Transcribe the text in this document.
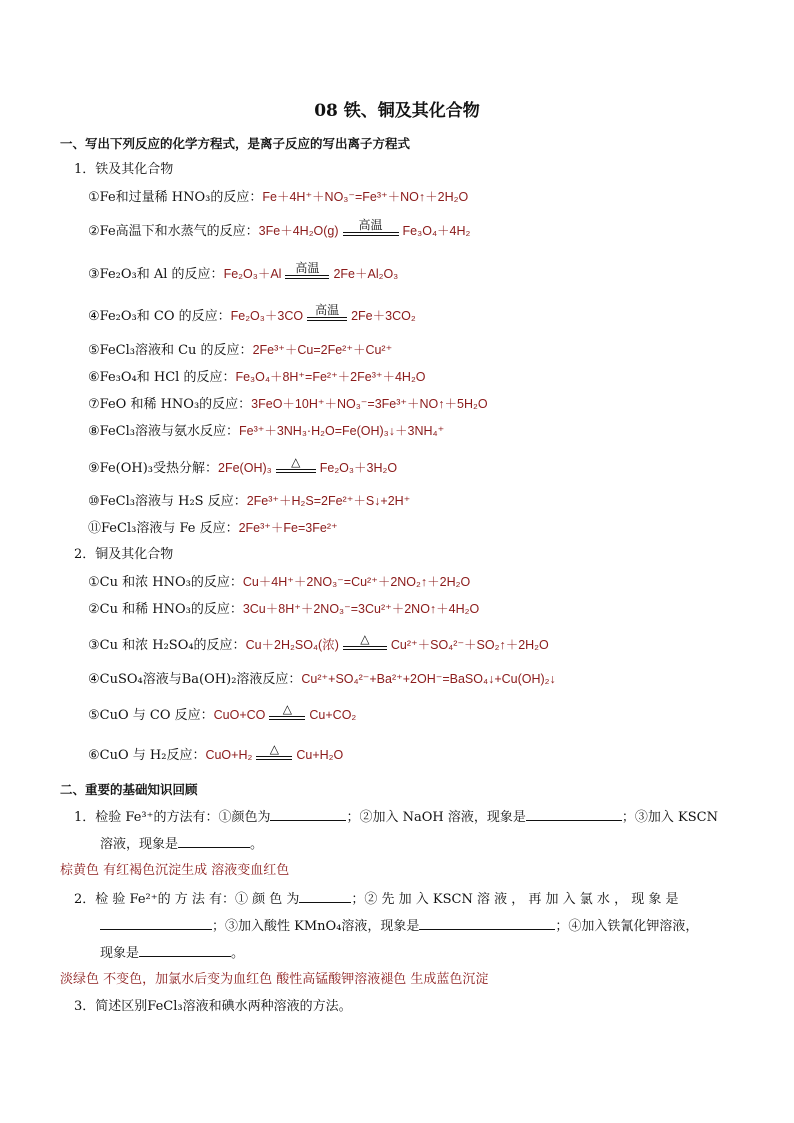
08 铁、铜及其化合物
一、写出下列反应的化学方程式，是离子反应的写出离子方程式
1．铁及其化合物
①Fe和过量稀 HNO₃的反应：Fe＋4H⁺＋NO₃⁻=Fe³⁺＋NO↑＋2H₂O
②Fe高温下和水蒸气的反应：3Fe＋4H₂O(g) 高温 Fe₃O₄＋4H₂
③Fe₂O₃和 Al 的反应：Fe₂O₃＋Al 高温 2Fe＋Al₂O₃
④Fe₂O₃和 CO 的反应：Fe₂O₃＋3CO 高温 2Fe＋3CO₂
⑤FeCl₃溶液和 Cu 的反应：2Fe³⁺＋Cu=2Fe²⁺＋Cu²⁺
⑥Fe₃O₄和 HCl 的反应：Fe₃O₄＋8H⁺=Fe²⁺＋2Fe³⁺＋4H₂O
⑦FeO 和稀 HNO₃的反应：3FeO＋10H⁺＋NO₃⁻=3Fe³⁺＋NO↑＋5H₂O
⑧FeCl₃溶液与氨水反应：Fe³⁺＋3NH₃·H₂O=Fe(OH)₃↓＋3NH₄⁺
⑨Fe(OH)₃受热分解：2Fe(OH)₃ △ Fe₂O₃＋3H₂O
⑩FeCl₃溶液与 H₂S 反应：2Fe³⁺＋H₂S=2Fe²⁺＋S↓+2H⁺
⑪FeCl₃溶液与 Fe 反应：2Fe³⁺＋Fe=3Fe²⁺
2．铜及其化合物
①Cu 和浓 HNO₃的反应：Cu＋4H⁺＋2NO₃⁻=Cu²⁺＋2NO₂↑＋2H₂O
②Cu 和稀 HNO₃的反应：3Cu＋8H⁺＋2NO₃⁻=3Cu²⁺＋2NO↑＋4H₂O
③Cu 和浓 H₂SO₄的反应：Cu＋2H₂SO₄(浓) △ Cu²⁺＋SO₄²⁻＋SO₂↑＋2H₂O
④CuSO₄溶液与Ba(OH)₂溶液反应：Cu²⁺+SO₄²⁻+Ba²⁺+2OH⁻=BaSO₄↓+Cu(OH)₂↓
⑤CuO 与 CO 反应：CuO+CO △ Cu+CO₂
⑥CuO 与 H₂反应：CuO+H₂ △ Cu+H₂O
二、重要的基础知识回顾
1．检验 Fe³⁺的方法有：①颜色为	；②加入 NaOH 溶液，现象是	；③加入 KSCN
溶液，现象是	。
棕黄色 有红褐色沉淀生成 溶液变血红色
2．检 验 Fe²⁺的 方 法 有：① 颜 色 为	；② 先 加 入 KSCN 溶 液 ， 再 加 入 氯 水 ， 现 象 是
；③加入酸性 KMnO₄溶液，现象是	；④加入铁氰化钾溶液，
现象是	。
淡绿色 不变色，加氯水后变为血红色 酸性高锰酸钾溶液褪色 生成蓝色沉淀
3．简述区别FeCl₃溶液和碘水两种溶液的方法。
